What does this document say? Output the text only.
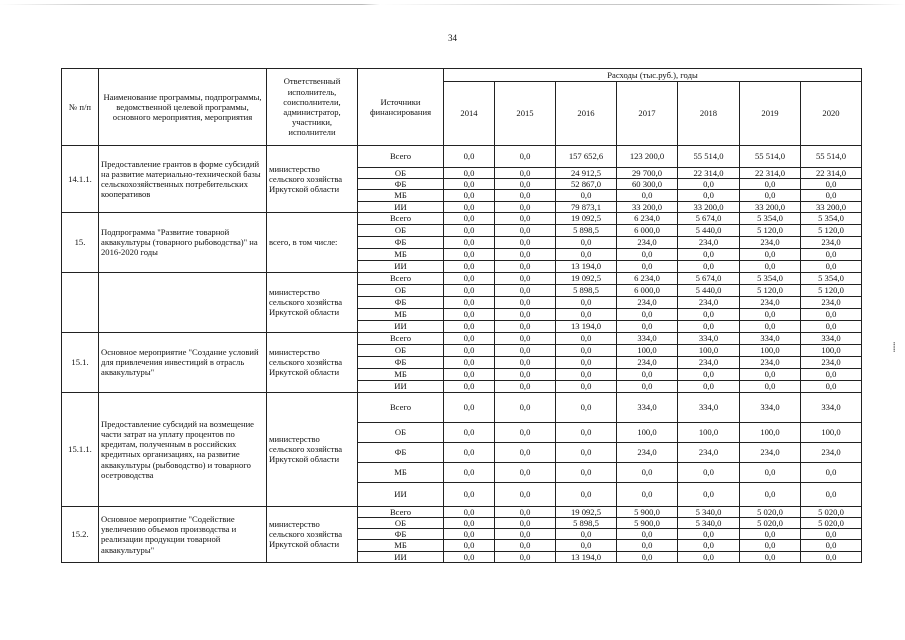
34
⸽
№ п/п	Наименование программы, подпрограммы, ведомственной целевой программы, основного мероприятия, мероприятия	Ответственный исполнитель, соисполнители, администратор, участники, исполнители	Источники финансирования	Расходы (тыс.руб.), годы						
				2014	2015	2016	2017	2018	2019	2020
14.1.1.	Предоставление грантов в форме субсидий на развитие материально-технической базы сельскохозяйственных потребительских кооперативов	министерство сельского хозяйства Иркутской области	Всего	0,0	0,0	157 652,6	123 200,0	55 514,0	55 514,0	55 514,0
			ОБ	0,0	0,0	24 912,5	29 700,0	22 314,0	22 314,0	22 314,0
			ФБ	0,0	0,0	52 867,0	60 300,0	0,0	0,0	0,0
			МБ	0,0	0,0	0,0	0,0	0,0	0,0	0,0
			ИИ	0,0	0,0	79 873,1	33 200,0	33 200,0	33 200,0	33 200,0
15.	Подпрограмма "Развитие товарной аквакультуры (товарного рыбоводства)" на 2016-2020 годы	всего, в том числе:	Всего	0,0	0,0	19 092,5	6 234,0	5 674,0	5 354,0	5 354,0
			ОБ	0,0	0,0	5 898,5	6 000,0	5 440,0	5 120,0	5 120,0
			ФБ	0,0	0,0	0,0	234,0	234,0	234,0	234,0
			МБ	0,0	0,0	0,0	0,0	0,0	0,0	0,0
			ИИ	0,0	0,0	13 194,0	0,0	0,0	0,0	0,0
		министерство сельского хозяйства Иркутской области	Всего	0,0	0,0	19 092,5	6 234,0	5 674,0	5 354,0	5 354,0
			ОБ	0,0	0,0	5 898,5	6 000,0	5 440,0	5 120,0	5 120,0
			ФБ	0,0	0,0	0,0	234,0	234,0	234,0	234,0
			МБ	0,0	0,0	0,0	0,0	0,0	0,0	0,0
			ИИ	0,0	0,0	13 194,0	0,0	0,0	0,0	0,0
15.1.	Основное мероприятие "Создание условий для привлечения инвестиций в отрасль аквакультуры"	министерство сельского хозяйства Иркутской области	Всего	0,0	0,0	0,0	334,0	334,0	334,0	334,0
			ОБ	0,0	0,0	0,0	100,0	100,0	100,0	100,0
			ФБ	0,0	0,0	0,0	234,0	234,0	234,0	234,0
			МБ	0,0	0,0	0,0	0,0	0,0	0,0	0,0
			ИИ	0,0	0,0	0,0	0,0	0,0	0,0	0,0
15.1.1.	Предоставление субсидий на возмещение части затрат на уплату процентов по кредитам, полученным в российских кредитных организациях, на развитие аквакультуры (рыбоводство) и товарного осетроводства	министерство сельского хозяйства Иркутской области	Всего	0,0	0,0	0,0	334,0	334,0	334,0	334,0
			ОБ	0,0	0,0	0,0	100,0	100,0	100,0	100,0
			ФБ	0,0	0,0	0,0	234,0	234,0	234,0	234,0
			МБ	0,0	0,0	0,0	0,0	0,0	0,0	0,0
			ИИ	0,0	0,0	0,0	0,0	0,0	0,0	0,0
15.2.	Основное мероприятие "Содействие увеличению объемов производства и реализации продукции товарной аквакультуры"	министерство сельского хозяйства Иркутской области	Всего	0,0	0,0	19 092,5	5 900,0	5 340,0	5 020,0	5 020,0
			ОБ	0,0	0,0	5 898,5	5 900,0	5 340,0	5 020,0	5 020,0
			ФБ	0,0	0,0	0,0	0,0	0,0	0,0	0,0
			МБ	0,0	0,0	0,0	0,0	0,0	0,0	0,0
			ИИ	0,0	0,0	13 194,0	0,0	0,0	0,0	0,0
